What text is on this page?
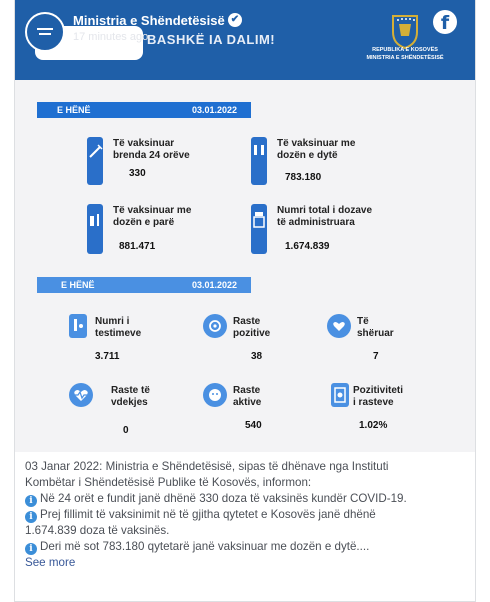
BASHKË IA DALIM!
REPUBLIKA E KOSOVËS
MINISTRIA E SHËNDETËSISË
Ministria e Shëndetësisë ✔
17 minutes ago
f
E HËNË	03.01.2022
Të vaksinuar
brenda 24 orëve
330
Të vaksinuar me
dozën e dytë
783.180
Të vaksinuar me
dozën e parë
881.471
Numri total i dozave
të administruara
1.674.839
E HËNË	03.01.2022
Numri i
testimeve
3.711
Raste
pozitive
38
Të
shëruar
7
Raste të
vdekjes
0
Raste
aktive
540
Pozitiviteti
i rasteve
1.02%

03 Janar 2022: Ministria e Shëndetësisë, sipas të dhënave nga Instituti

Kombëtar i Shëndetësisë Publike të Kosovës, informon:

i Në 24 orët e fundit janë dhënë 330 doza të vaksinës kundër COVID-19.

i Prej fillimit të vaksinimit në të gjitha qytetet e Kosovës janë dhënë

1.674.839 doza të vaksinës.

i Deri më sot 783.180 qytetarë janë vaksinuar me dozën e dytë....

See more
